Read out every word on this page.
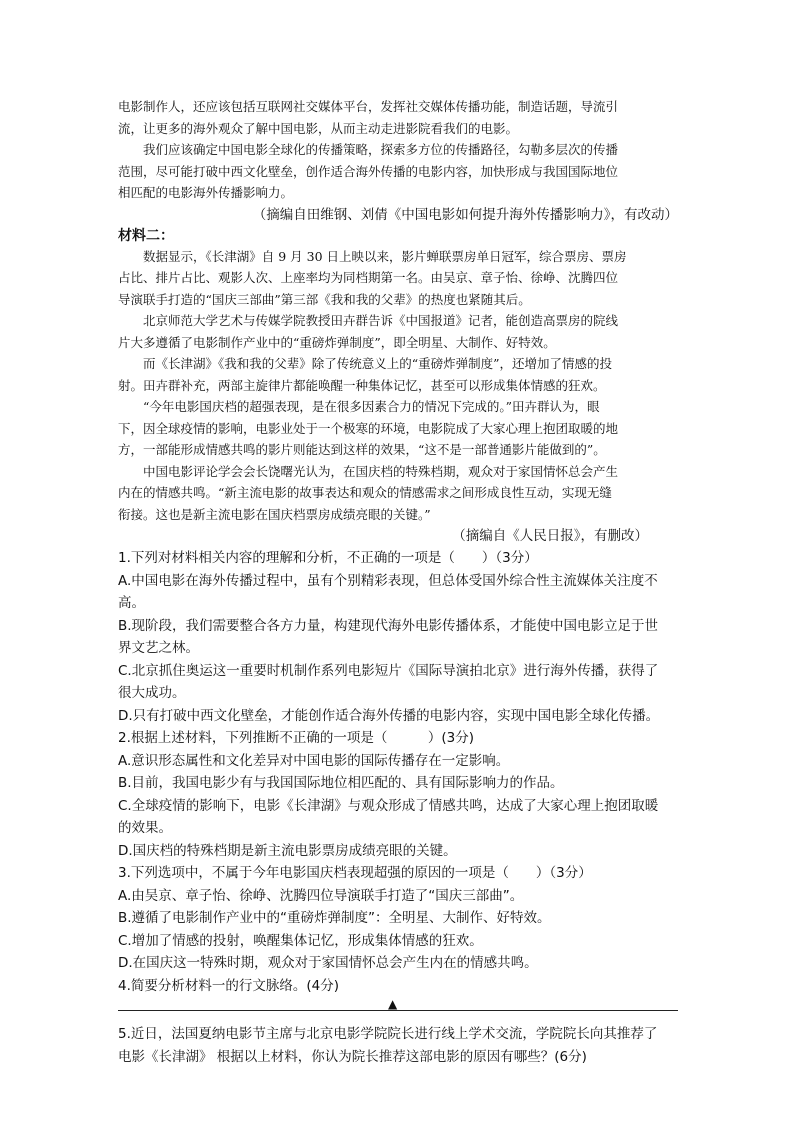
电影制作人，还应该包括互联网社交媒体平台，发挥社交媒体传播功能，制造话题，导流引

流，让更多的海外观众了解中国电影，从而主动走进影院看我们的电影。

我们应该确定中国电影全球化的传播策略，探索多方位的传播路径，勾勒多层次的传播

范围，尽可能打破中西文化壁垒，创作适合海外传播的电影内容，加快形成与我国国际地位

相匹配的电影海外传播影响力。

（摘编自田维钢、刘倩《中国电影如何提升海外传播影响力》，有改动）

材料二：

数据显示，《长津湖》自 9 月 30 日上映以来，影片蝉联票房单日冠军，综合票房、票房

占比、排片占比、观影人次、上座率均为同档期第一名。由吴京、章子怡、徐峥、沈腾四位

导演联手打造的“国庆三部曲”第三部《我和我的父辈》的热度也紧随其后。

北京师范大学艺术与传媒学院教授田卉群告诉《中国报道》记者，能创造高票房的院线

片大多遵循了电影制作产业中的“重磅炸弹制度”，即全明星、大制作、好特效。

而《长津湖》《我和我的父辈》除了传统意义上的“重磅炸弹制度”，还增加了情感的投

射。田卉群补充，两部主旋律片都能唤醒一种集体记忆，甚至可以形成集体情感的狂欢。

“今年电影国庆档的超强表现，是在很多因素合力的情况下完成的。”田卉群认为，眼

下，因全球疫情的影响，电影业处于一个极寒的环境，电影院成了大家心理上抱团取暖的地

方，一部能形成情感共鸣的影片则能达到这样的效果，“这不是一部普通影片能做到的”。

中国电影评论学会会长饶曙光认为，在国庆档的特殊档期，观众对于家国情怀总会产生

内在的情感共鸣。“新主流电影的故事表达和观众的情感需求之间形成良性互动，实现无缝

衔接。这也是新主流电影在国庆档票房成绩亮眼的关键。”

（摘编自《人民日报》，有删改）

1.下列对材料相关内容的理解和分析，不正确的一项是（　　）（3分）

A.中国电影在海外传播过程中，虽有个别精彩表现，但总体受国外综合性主流媒体关注度不

高。

B.现阶段，我们需要整合各方力量，构建现代海外电影传播体系，才能使中国电影立足于世

界文艺之林。

C.北京抓住奥运这一重要时机制作系列电影短片《国际导演拍北京》进行海外传播，获得了

很大成功。

D.只有打破中西文化壁垒，才能创作适合海外传播的电影内容，实现中国电影全球化传播。

2.根据上述材料，下列推断不正确的一项是（　　　）(3分)

A.意识形态属性和文化差异对中国电影的国际传播存在一定影响。

B.目前，我国电影少有与我国国际地位相匹配的、具有国际影响力的作品。

C.全球疫情的影响下，电影《长津湖》与观众形成了情感共鸣，达成了大家心理上抱团取暖

的效果。

D.国庆档的特殊档期是新主流电影票房成绩亮眼的关键。

3.下列选项中，不属于今年电影国庆档表现超强的原因的一项是（　　）（3分）

A.由吴京、章子怡、徐峥、沈腾四位导演联手打造了“国庆三部曲”。

B.遵循了电影制作产业中的“重磅炸弹制度”：全明星、大制作、好特效。

C.增加了情感的投射，唤醒集体记忆，形成集体情感的狂欢。

D.在国庆这一特殊时期，观众对于家国情怀总会产生内在的情感共鸣。

4.简要分析材料一的行文脉络。(4分)

▲

5.近日，法国夏纳电影节主席与北京电影学院院长进行线上学术交流，学院院长向其推荐了

电影《长津湖》 根据以上材料，你认为院长推荐这部电影的原因有哪些？(6分)
